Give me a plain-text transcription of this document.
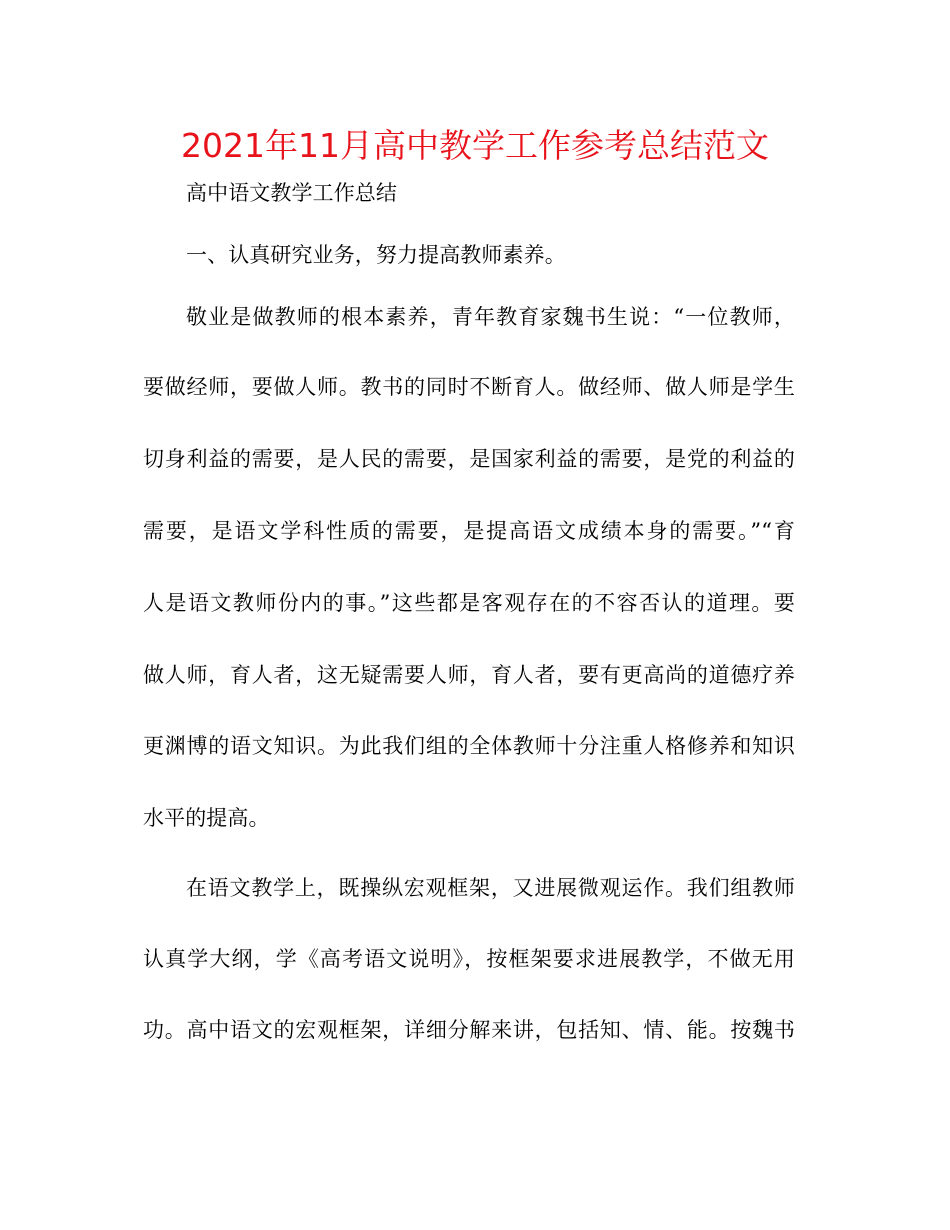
2021年11月高中教学工作参考总结范文
高中语文教学工作总结
一、认真研究业务，努力提高教师素养。
敬业是做教师的根本素养，青年教育家魏书生说：“一位教师，
要做经师，要做人师。教书的同时不断育人。做经师、做人师是学生
切身利益的需要，是人民的需要，是国家利益的需要，是党的利益的
需要，是语文学科性质的需要，是提高语文成绩本身的需要。”“育
人是语文教师份内的事。”这些都是客观存在的不容否认的道理。要
做人师，育人者，这无疑需要人师，育人者，要有更高尚的道德疗养
更渊博的语文知识。为此我们组的全体教师十分注重人格修养和知识
水平的提高。
在语文教学上，既操纵宏观框架，又进展微观运作。我们组教师
认真学大纲，学《高考语文说明》，按框架要求进展教学，不做无用
功。高中语文的宏观框架，详细分解来讲，包括知、情、能。按魏书
